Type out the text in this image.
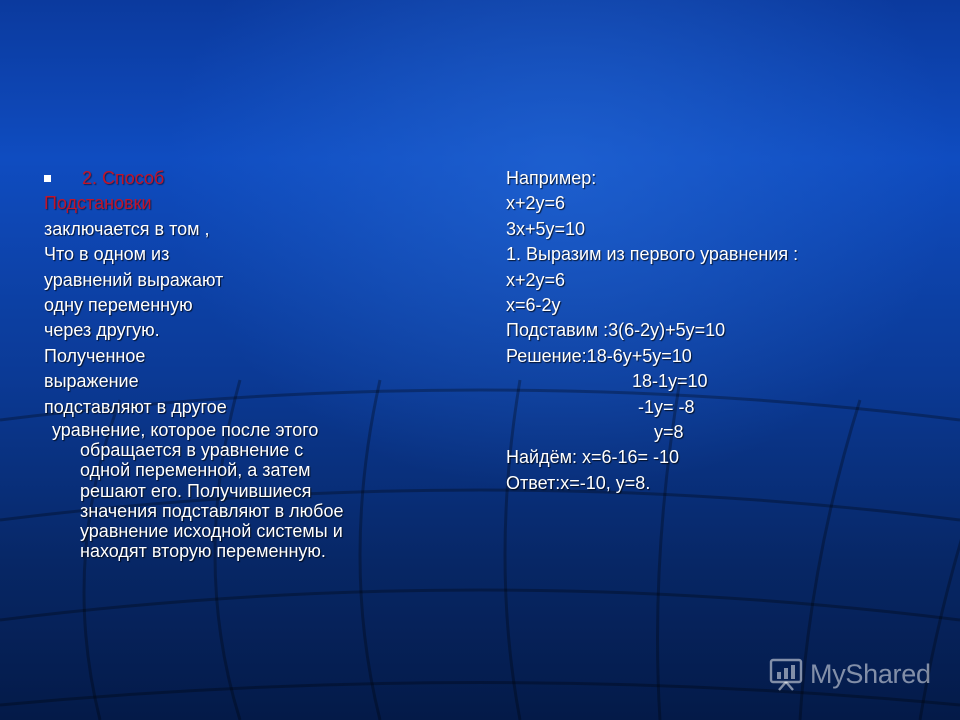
2. Способ
Подстановки
заключается в том ,
Что в одном из
уравнений выражают
одну переменную
через другую.
Полученное
выражение
подставляют в другое
уравнение, которое после этого
обращается в уравнение с
одной переменной, а затем
решают его. Получившиеся
значения подставляют в любое
уравнение исходной системы и
находят вторую переменную.
Например:
х+2у=6
3х+5у=10
1. Выразим из первого уравнения :
х+2у=6
х=6-2у
Подставим :3(6-2у)+5у=10
Решение:18-6у+5у=10
18-1у=10
-1у= -8
у=8
Найдём: х=6-16= -10
Ответ:х=-10, у=8.
MyShared
